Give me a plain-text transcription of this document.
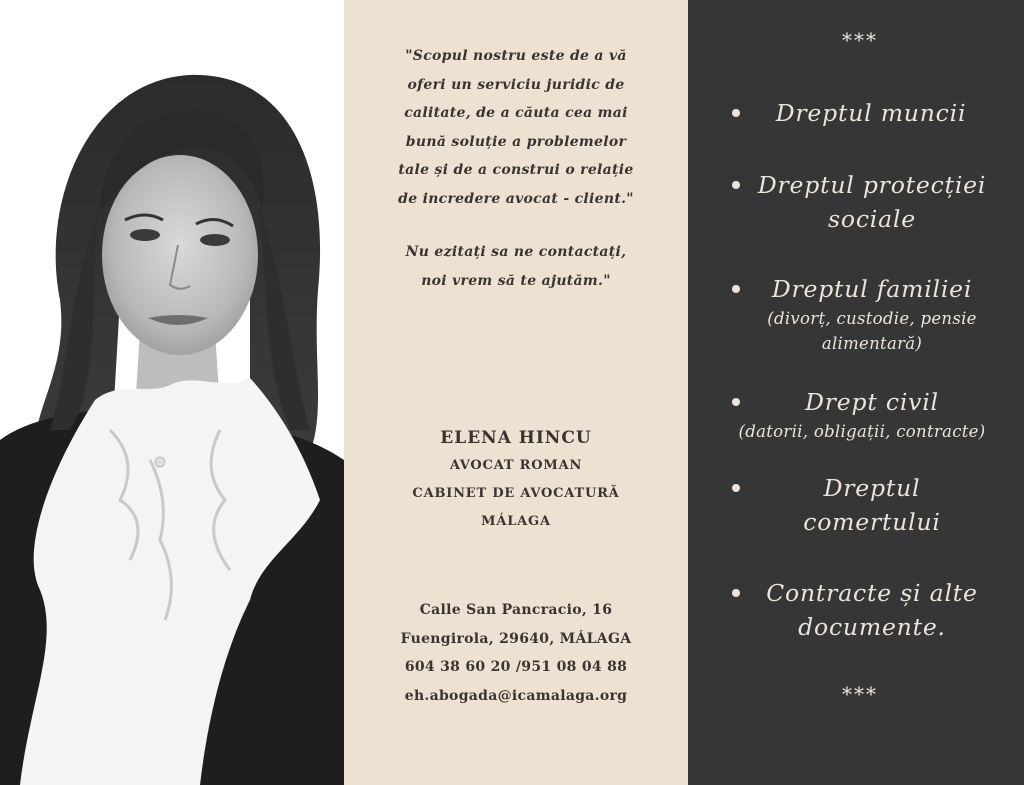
"Scopul nostru este de a vă
oferi un serviciu juridic de
calitate, de a căuta cea mai
bună soluție a problemelor
tale și de a construi o relație
de incredere avocat - client."

Nu ezitați sa ne contactați,
noi vrem să te ajutăm."

ELENA HINCU
AVOCAT ROMAN
CABINET DE AVOCATURĂ
MÁLAGA
Calle San Pancracio, 16
Fuengirola, 29640, MÁLAGA
604 38 60 20 /951 08 04 88
eh.abogada@icamalaga.org
***
Dreptul muncii
Dreptul protecției
sociale
Dreptul familiei
(divorț, custodie, pensie
alimentară)
Drept civil
(datorii, obligații, contracte)
Dreptul
comertului
Contracte și alte
documente.
***
